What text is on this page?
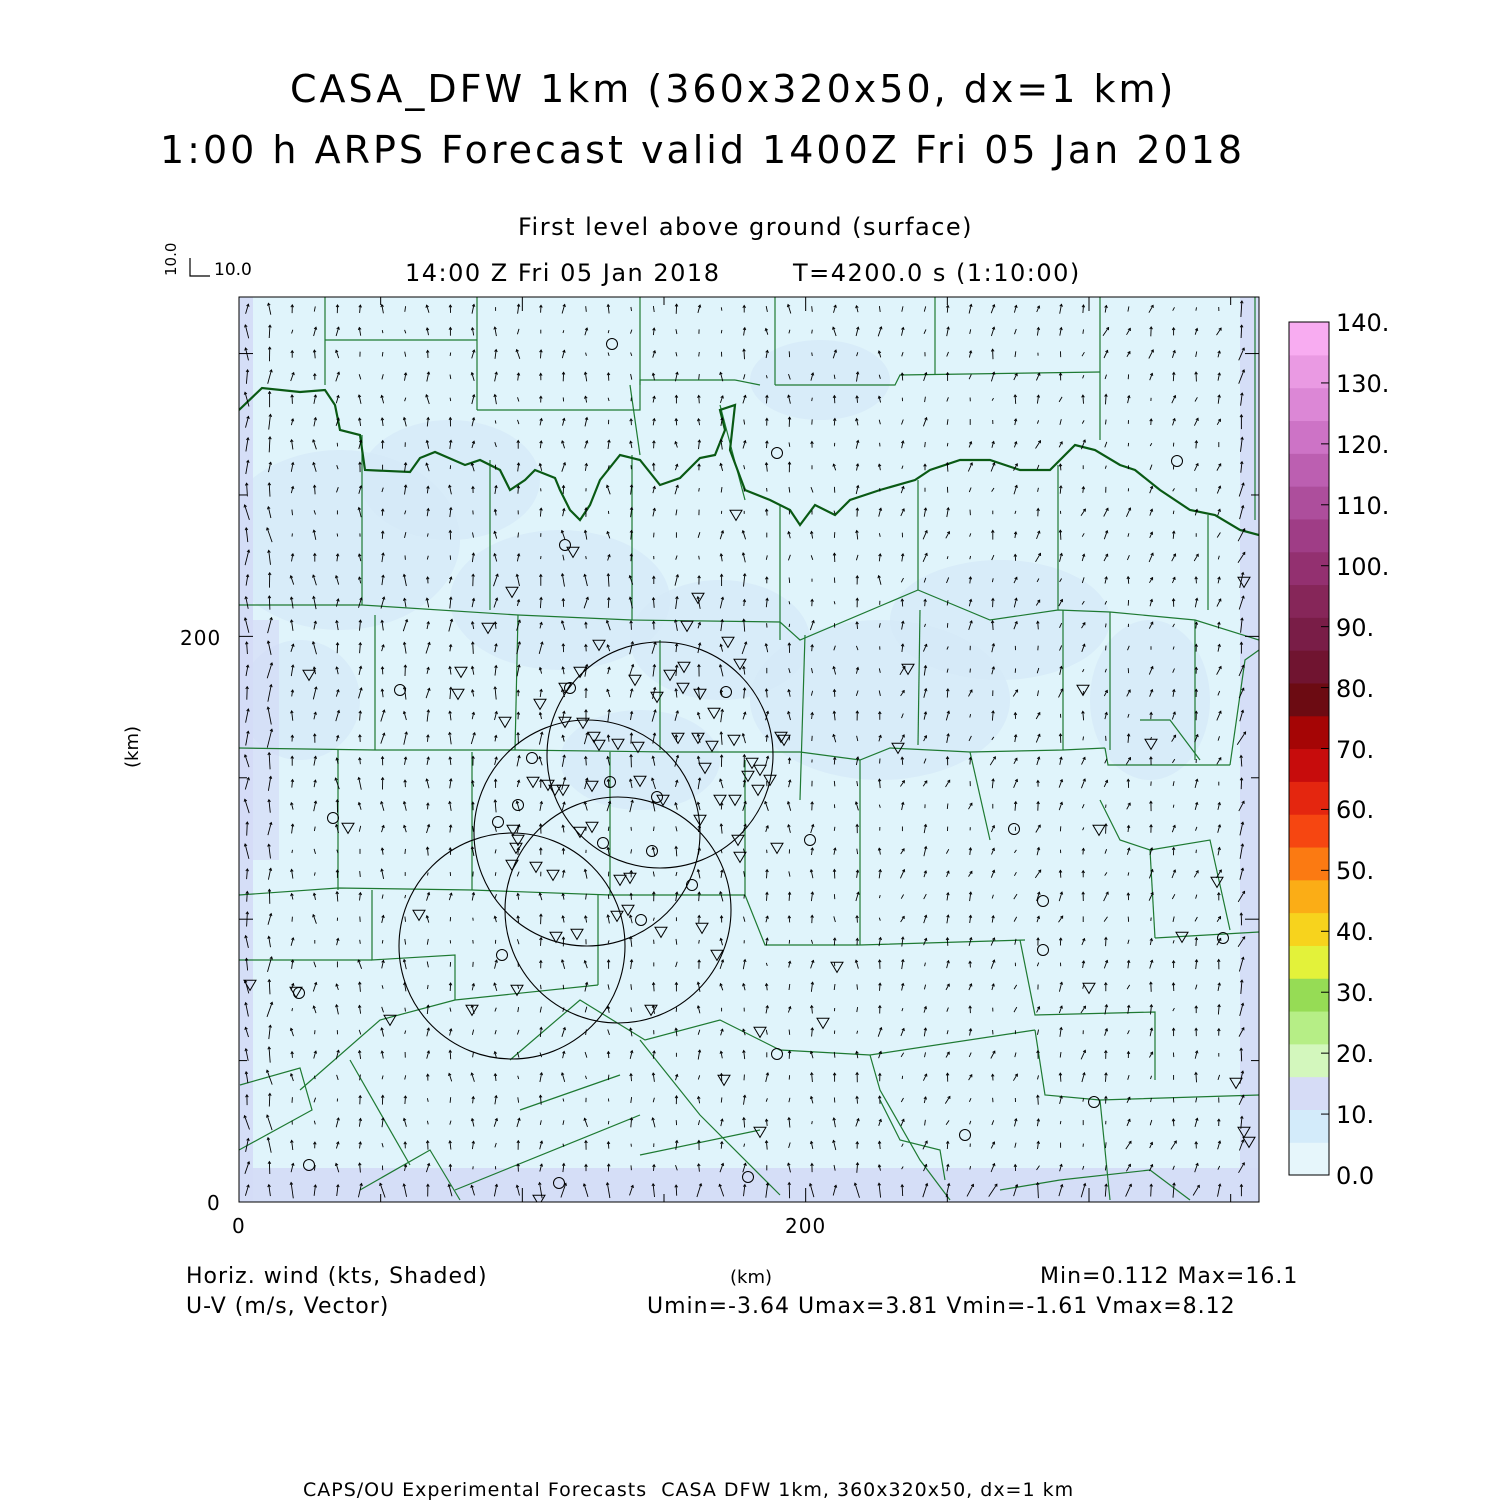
CASA_DFW 1km (360x320x50, dx=1 km)
1:00 h ARPS Forecast valid 1400Z Fri 05 Jan 2018
First level above ground (surface)
14:00 Z Fri 05 Jan 2018	T=4200.0 s (1:10:00)
10.0 10.0
0	200
0
200
(km)
(km)
0.0
10.
20.
30.
40.
50.
60.
70.
80.
90.
100.
110.
120.
130.
140.
Horiz. wind (kts, Shaded)
U-V (m/s, Vector)
Min=0.112 Max=16.1
Umin=-3.64 Umax=3.81 Vmin=-1.61 Vmax=8.12
CAPS/OU Experimental Forecasts  CASA DFW 1km, 360x320x50, dx=1 km
